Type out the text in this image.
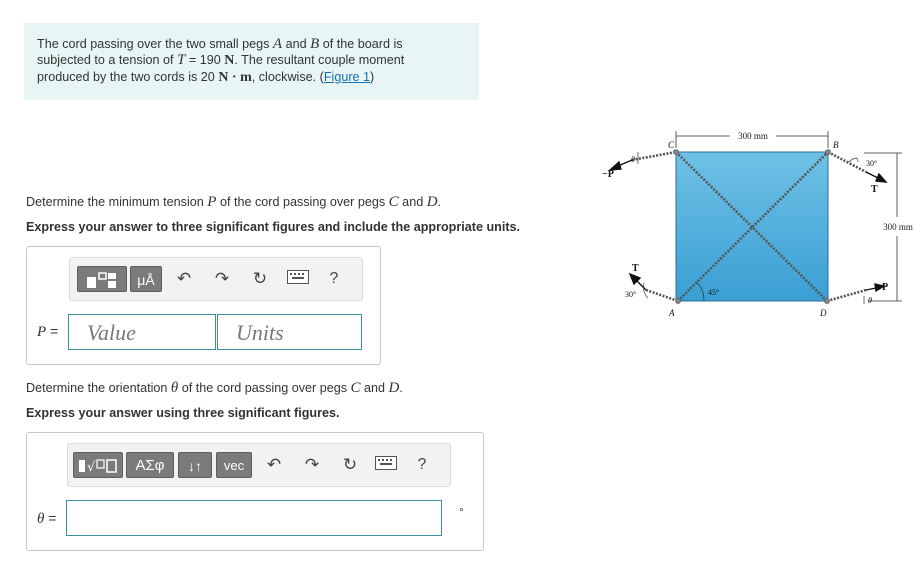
The cord passing over the two small pegs A and B of the board is
subjected to a tension of T = 190 N. The resultant couple moment
produced by the two cords is 20 N · m, clockwise. (Figure 1)
Determine the minimum tension P of the cord passing over pegs C and D.
Express your answer to three significant figures and include the appropriate units.
μÅ	↶ ↷ ↻	?
P =	Value	Units
Determine the orientation θ of the cord passing over pegs C and D.
Express your answer using three significant figures.
√	ΑΣφ	↓↑	vec	↶ ↷ ↻	?
θ =	°
300 mm
300 mm
C	B
A	D
−P
P
T
T
30°
30°	45°
θ
θ
